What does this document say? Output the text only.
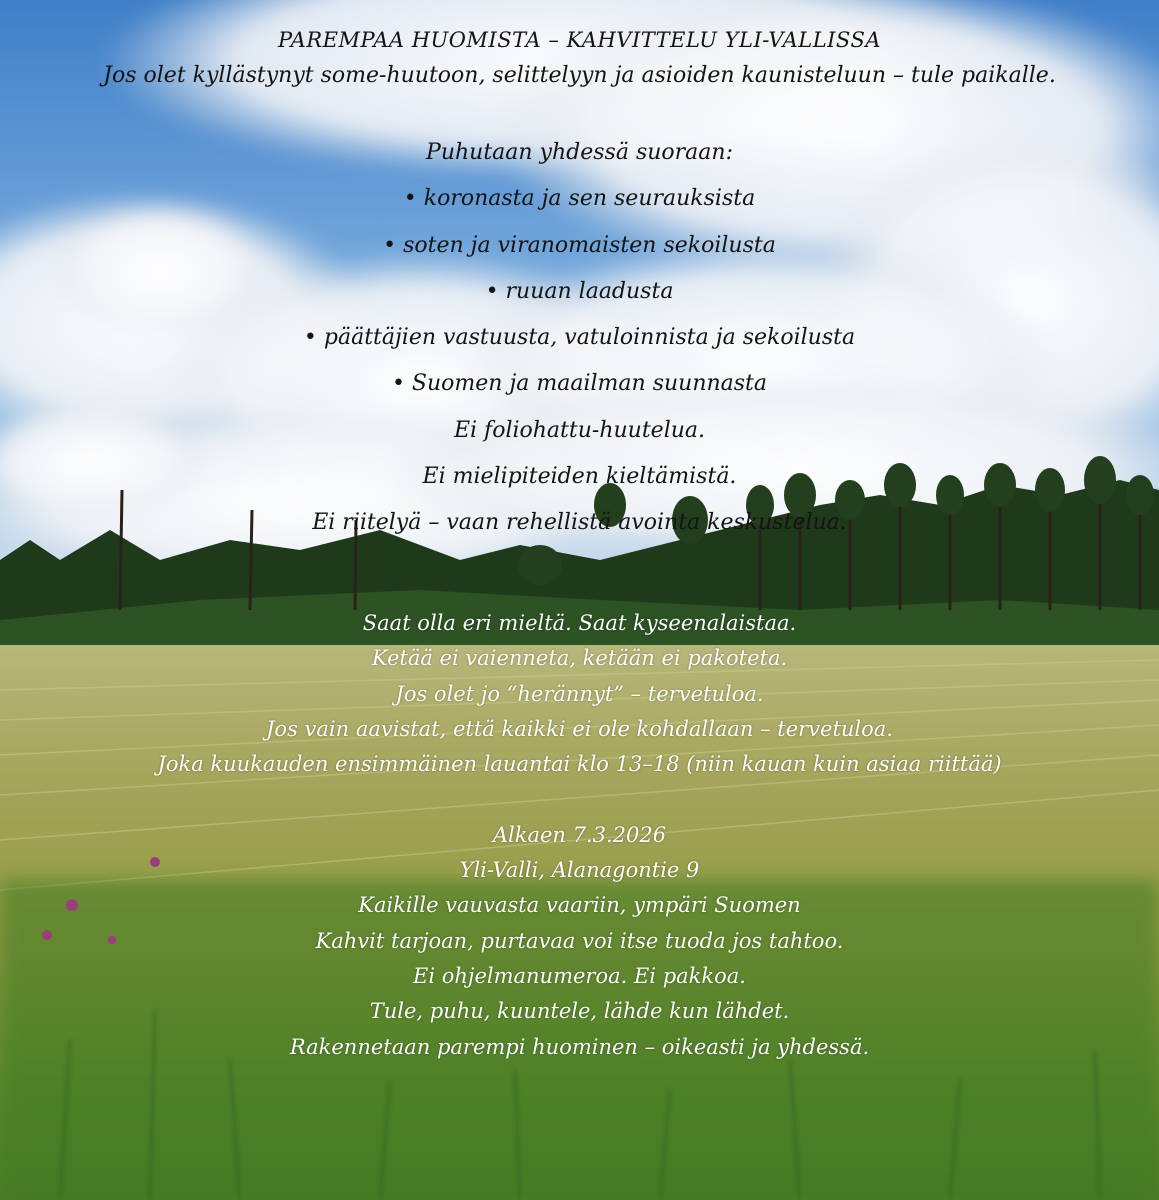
PAREMPAA HUOMISTA – KAHVITTELU YLI-VALLISSA
Jos olet kyllästynyt some-huutoon, selittelyyn ja asioiden kaunisteluun – tule paikalle.
Puhutaan yhdessä suoraan:
• koronasta ja sen seurauksista
• soten ja viranomaisten sekoilusta
• ruuan laadusta
• päättäjien vastuusta, vatuloinnista ja sekoilusta
• Suomen ja maailman suunnasta
Ei foliohattu-huutelua.
Ei mielipiteiden kieltämistä.
Ei riitelyä – vaan rehellistä avointa keskustelua.
Saat olla eri mieltä. Saat kyseenalaistaa.
Ketää ei vaienneta, ketään ei pakoteta.
Jos olet jo “herännyt” – tervetuloa.
Jos vain aavistat, että kaikki ei ole kohdallaan – tervetuloa.
Joka kuukauden ensimmäinen lauantai klo 13–18 (niin kauan kuin asiaa riittää)
Alkaen 7.3.2026
Yli-Valli, Alanagontie 9
Kaikille vauvasta vaariin, ympäri Suomen
Kahvit tarjoan, purtavaa voi itse tuoda jos tahtoo.
Ei ohjelmanumeroa. Ei pakkoa.
Tule, puhu, kuuntele, lähde kun lähdet.
Rakennetaan parempi huominen – oikeasti ja yhdessä.
